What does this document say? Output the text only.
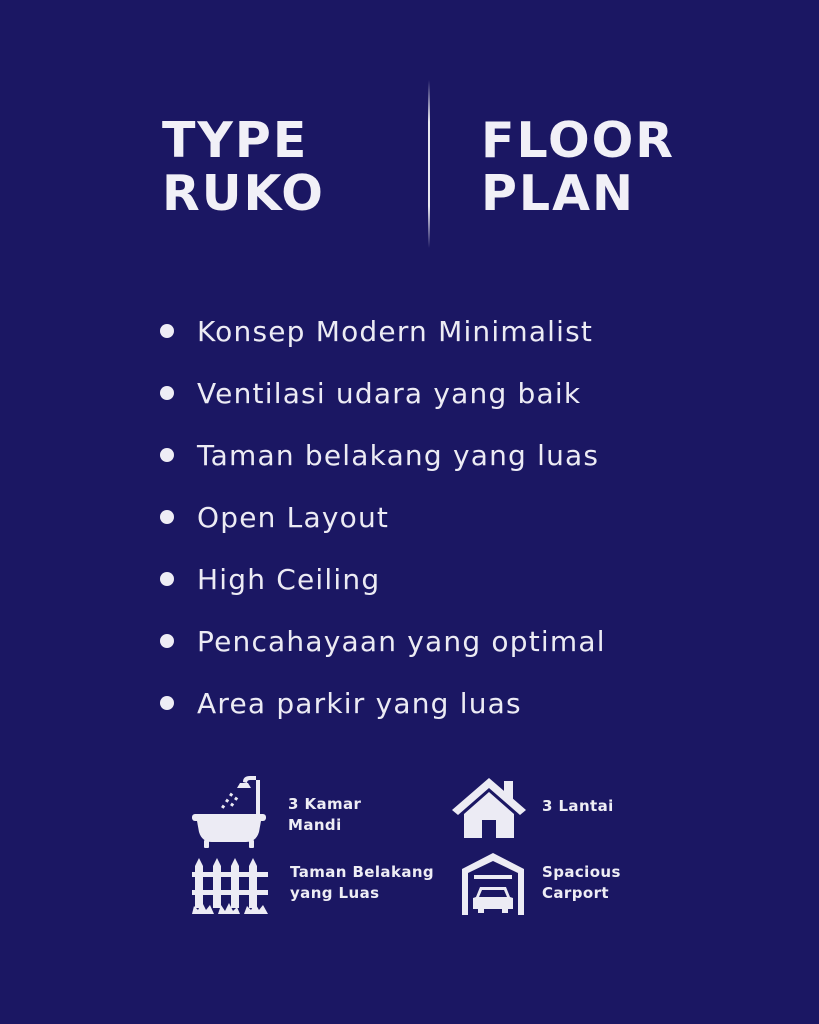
TYPE
RUKO
FLOOR
PLAN
Konsep Modern Minimalist
Ventilasi udara yang baik
Taman belakang yang luas
Open Layout
High Ceiling
Pencahayaan yang optimal
Area parkir yang luas
3 Kamar
Mandi
3 Lantai
Taman Belakang
yang Luas
Spacious
Carport
